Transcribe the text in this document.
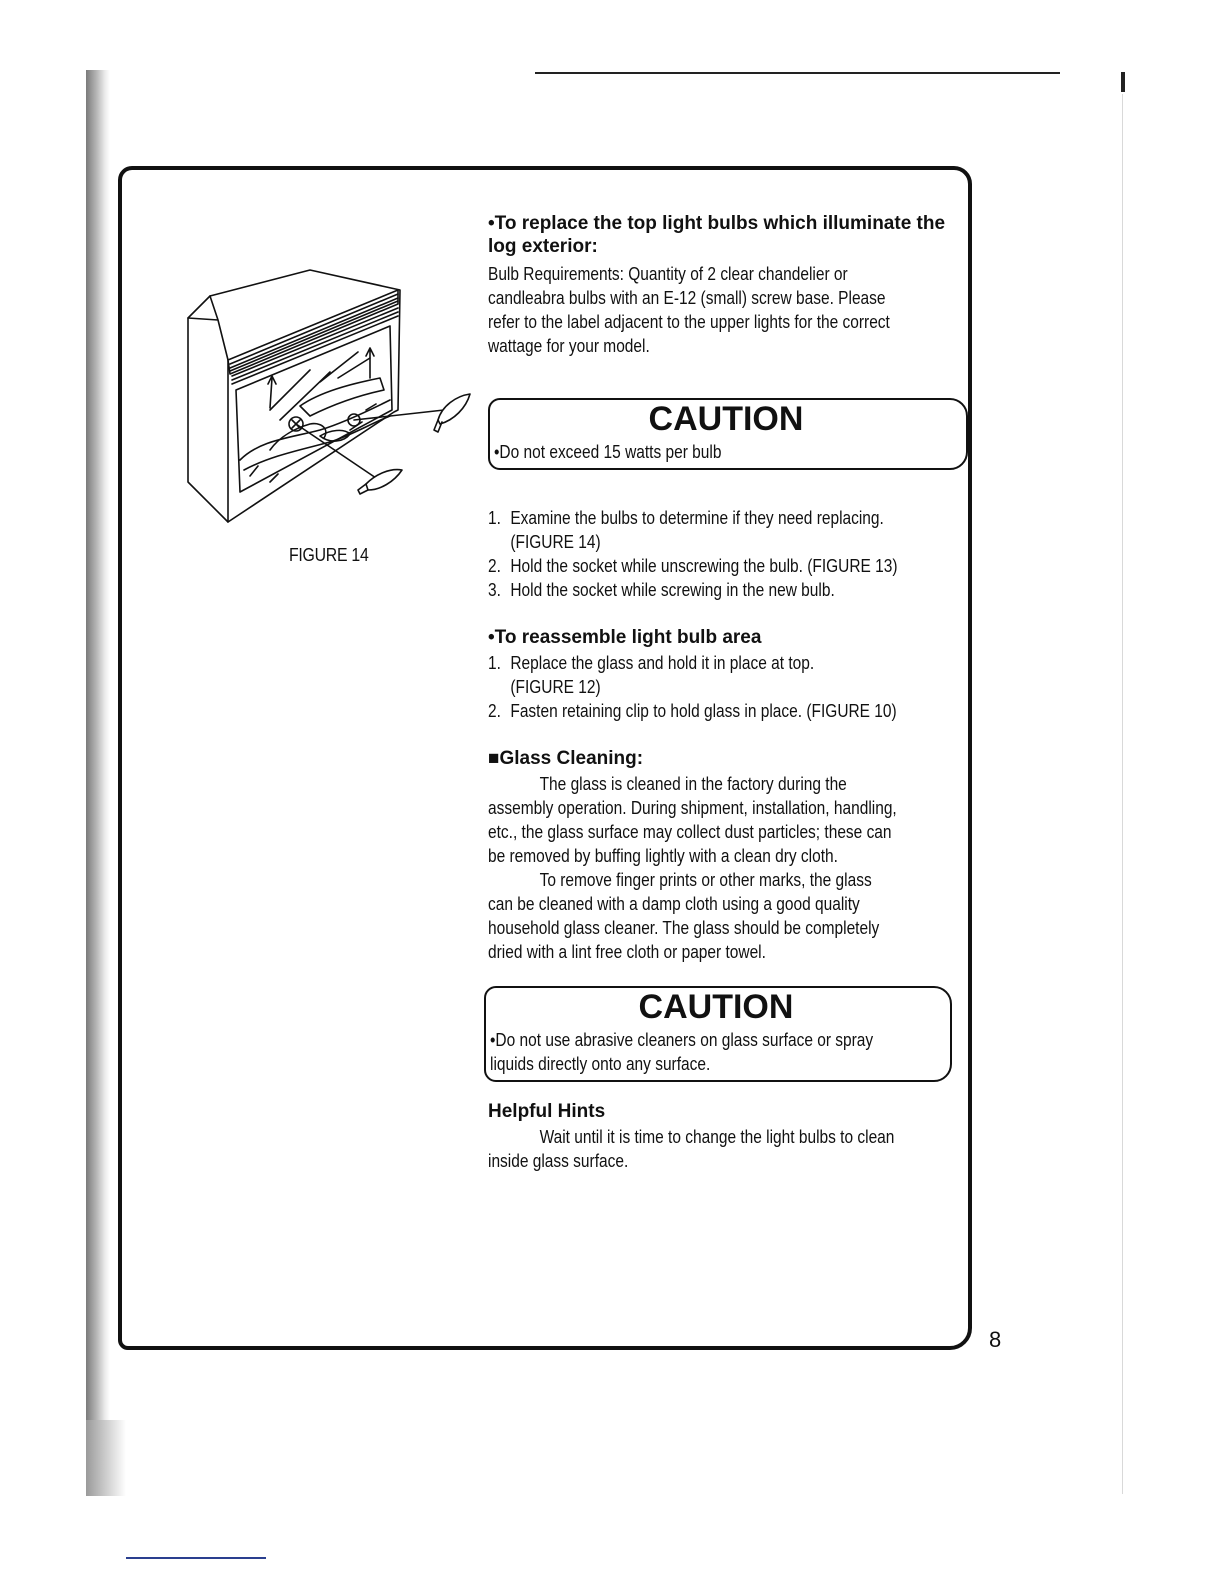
FIGURE 14

•To replace the top light bulbs which illuminate the log exterior:

Bulb Requirements: Quantity of 2 clear chandelier or

candleabra bulbs with an E-12 (small) screw base. Please

refer to the label adjacent to the upper lights for the correct

wattage for your model.

CAUTION

•Do not exceed 15 watts per bulb

1. Examine the bulbs to determine if they need replacing.
(FIGURE 14)
2. Hold the socket while unscrewing the bulb. (FIGURE 13)
3. Hold the socket while screwing in the new bulb.

•To reassemble light bulb area

1. Replace the glass and hold it in place at top.
(FIGURE 12)
2. Fasten retaining clip to hold glass in place. (FIGURE 10)

■Glass Cleaning:

The glass is cleaned in the factory during the

assembly operation. During shipment, installation, handling,

etc., the glass surface may collect dust particles; these can

be removed by buffing lightly with a clean dry cloth.

To remove finger prints or other marks, the glass

can be cleaned with a damp cloth using a good quality

household glass cleaner. The glass should be completely

dried with a lint free cloth or paper towel.

CAUTION

•Do not use abrasive cleaners on glass surface or spray

liquids directly onto any surface.

Helpful Hints

Wait until it is time to change the light bulbs to clean

inside glass surface.

8
